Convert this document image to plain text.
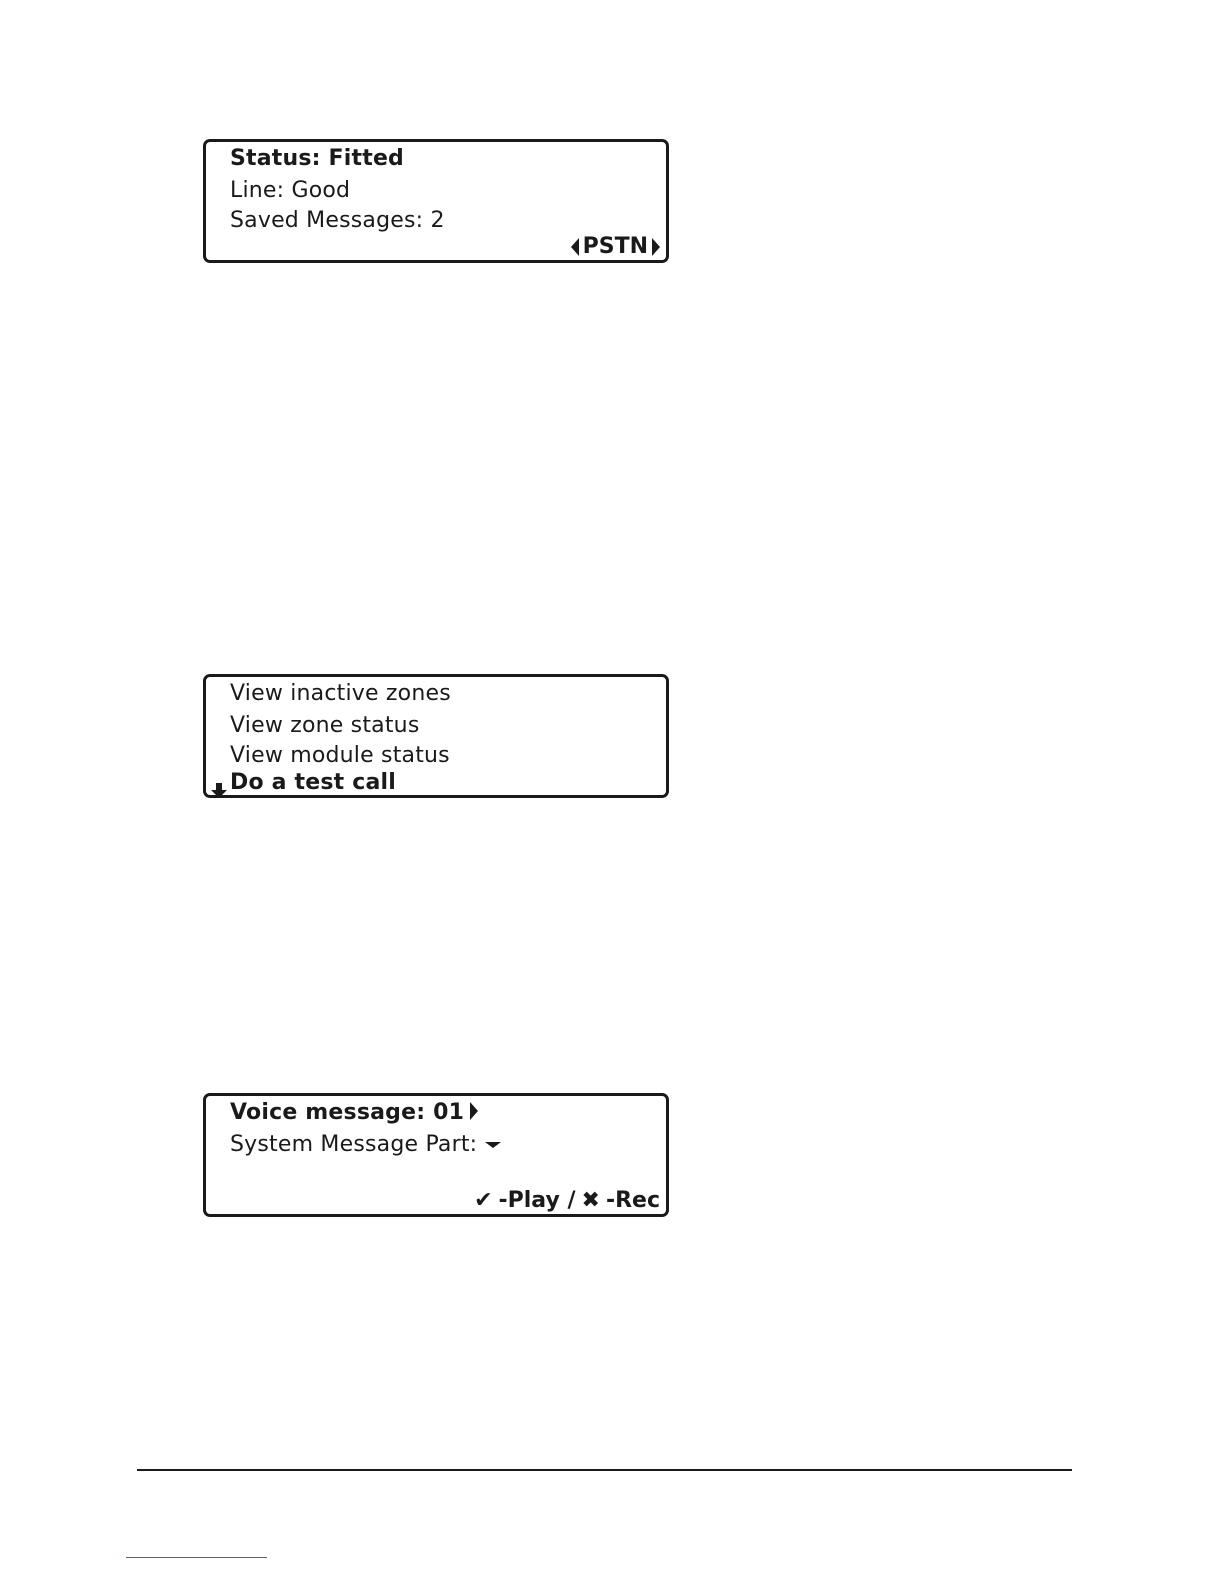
Status: Fitted
Line: Good
Saved Messages: 2
PSTN
View inactive zones
View zone status
View module status
Do a test call
Voice message: 01
System Message Part:
✔ -Play / ✖ -Rec
